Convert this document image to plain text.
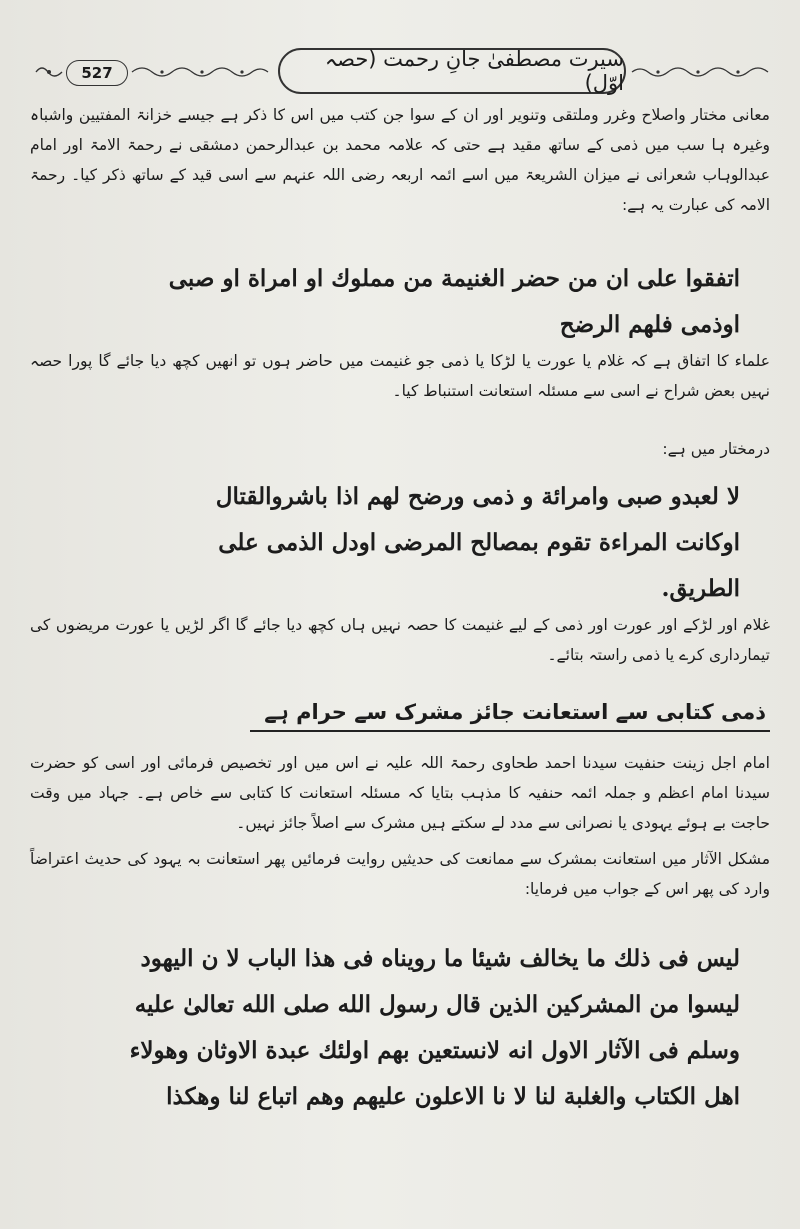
527
سیرت مصطفیٰ جانِ رحمت (حصہ اوّل)

معانی مختار واصلاح وغرر وملتقی وتنویر اور ان کے سوا جن کتب میں اس کا ذکر ہے جیسے خزانۃ المفتیین واشباہ وغیرہ ہا سب میں ذمی کے ساتھ مقید ہے حتی کہ علامہ محمد بن عبدالرحمن دمشقی نے رحمۃ الامۃ اور امام عبدالوہاب شعرانی نے میزان الشریعۃ میں اسے ائمہ اربعہ رضی اللہ عنہم سے اسی قید کے ساتھ ذکر کیا۔ رحمۃ الامہ کی عبارت یہ ہے:

اتفقوا علی ان من حضر الغنیمة من مملوك او امراة او صبی

اوذمی فلهم الرضح

علماء کا اتفاق ہے کہ غلام یا عورت یا لڑکا یا ذمی جو غنیمت میں حاضر ہوں تو انھیں کچھ دیا جائے گا پورا حصہ نہیں بعض شراح نے اسی سے مسئلہ استعانت استنباط کیا۔

درمختار میں ہے:

لا لعبدو صبی وامرائة و ذمی ورضح لهم اذا باشروالقتال

اوكانت المراءة تقوم بمصالح المرضی اودل الذمی علی

الطریق.

غلام اور لڑکے اور عورت اور ذمی کے لیے غنیمت کا حصہ نہیں ہاں کچھ دیا جائے گا اگر لڑیں یا عورت مریضوں کی تیمارداری کرے یا ذمی راستہ بتائے۔

ذمی کتابی سے استعانت جائز مشرک سے حرام ہے

امام اجل زینت حنفیت سیدنا احمد طحاوی رحمۃ اللہ علیہ نے اس میں اور تخصیص فرمائی اور اسی کو حضرت سیدنا امام اعظم و جملہ ائمہ حنفیہ کا مذہب بتایا کہ مسئلہ استعانت کا کتابی سے خاص ہے۔ جہاد میں وقت حاجت بے ہوئے یہودی یا نصرانی سے مدد لے سکتے ہیں مشرک سے اصلاً جائز نہیں۔

مشکل الآثار میں استعانت بمشرک سے ممانعت کی حدیثیں روایت فرمائیں پھر استعانت بہ یہود کی حدیث اعتراضاً وارد کی پھر اس کے جواب میں فرمایا:

لیس فی ذلك ما یخالف شیئا ما رویناه فی هذا الباب لا ن الیهود

لیسوا من المشركین الذین قال رسول الله صلی الله تعالیٰ علیه

وسلم فی الآثار الاول انه لانستعین بهم اولئك عبدة الاوثان وهولاء

اهل الكتاب والغلبة لنا لا نا الاعلون علیهم وهم اتباع لنا وهكذا
